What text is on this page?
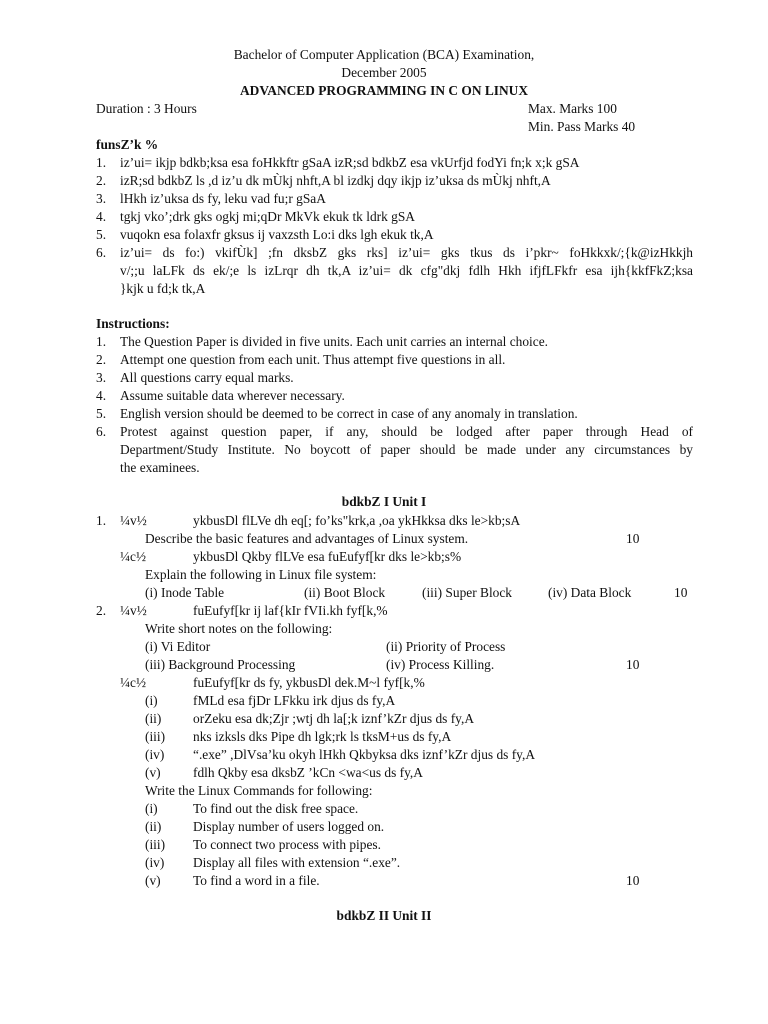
Bachelor of Computer Application (BCA) Examination,
December 2005
ADVANCED PROGRAMMING IN C ON LINUX
Duration : 3 Hours	Max. Marks 100
Min. Pass Marks 40
funsZ’k %
1. iz’ui= ikjp bdkb;ksa esa foHkkftr gSaA izR;sd bdkbZ esa vkUrfjd fodYi fn;k x;k gSA
2. izR;sd bdkbZ ls ,d iz’u dk mÙkj nhft,A bl izdkj dqy ikjp iz’uksa ds mÙkj nhft,A
3. lHkh iz’uksa ds fy, leku vad fu;r gSaA
4. tgkj vko’;drk gks ogkj mi;qDr MkVk ekuk tk ldrk gSA
5. vuqokn esa folaxfr gksus ij vaxzsth Lo:i dks lgh ekuk tk,A
6. iz’ui= ds fo:) vkifÙk] ;fn dksbZ gks rks] iz’ui= gks tkus ds i’pkr~ foHkkxk/;{k@izHkkjh
v/;;u laLFk ds ek/;e ls izLrqr dh tk,A iz’ui= dk cfg"dkj fdlh Hkh ifjfLFkfr esa ijh{kkfFkZ;ksa
}kjk u fd;k tk,A
Instructions:
1. The Question Paper is divided in five units. Each unit carries an internal choice.
2. Attempt one question from each unit. Thus attempt five questions in all.
3. All questions carry equal marks.
4. Assume suitable data wherever necessary.
5. English version should be deemed to be correct in case of any anomaly in translation.
6. Protest against question paper, if any, should be lodged after paper through Head of
Department/Study Institute. No boycott of paper should be made under any circumstances by
the examinees.
bdkbZ I Unit I
1. ¼v½	ykbusDl flLVe dh eq[; fo’ks"krk,a ,oa ykHkksa dks le>kb;sA
Describe the basic features and advantages of Linux system.	10
¼c½	ykbusDl Qkby flLVe esa fuEufyf[kr dks le>kb;s%
Explain the following in Linux file system:
(i) Inode Table	(ii) Boot Block	(iii) Super Block	(iv) Data Block	10
2. ¼v½	fuEufyf[kr ij laf{kIr fVIi.kh fyf[k,%
Write short notes on the following:
(i) Vi Editor	(ii) Priority of Process
(iii) Background Processing	(iv) Process Killing.	10
¼c½	fuEufyf[kr ds fy, ykbusDl dek.M~l fyf[k,%
(i)	fMLd esa fjDr LFkku irk djus ds fy,A
(ii) orZeku esa dk;Zjr ;wtj dh la[;k iznf’kZr djus ds fy,A
(iii) nks izksls dks Pipe dh lgk;rk ls tksM+us ds fy,A
(iv) “.exe” ,DlVsa’ku okyh lHkh Qkbyksa dks iznf’kZr djus ds fy,A
(v) fdlh Qkby esa dksbZ ’kCn <wa<us ds fy,A
Write the Linux Commands for following:
(i)	To find out the disk free space.
(ii) Display number of users logged on.
(iii) To connect two process with pipes.
(iv) Display all files with extension “.exe”.
(v) To find a word in a file.	10
bdkbZ II Unit II
